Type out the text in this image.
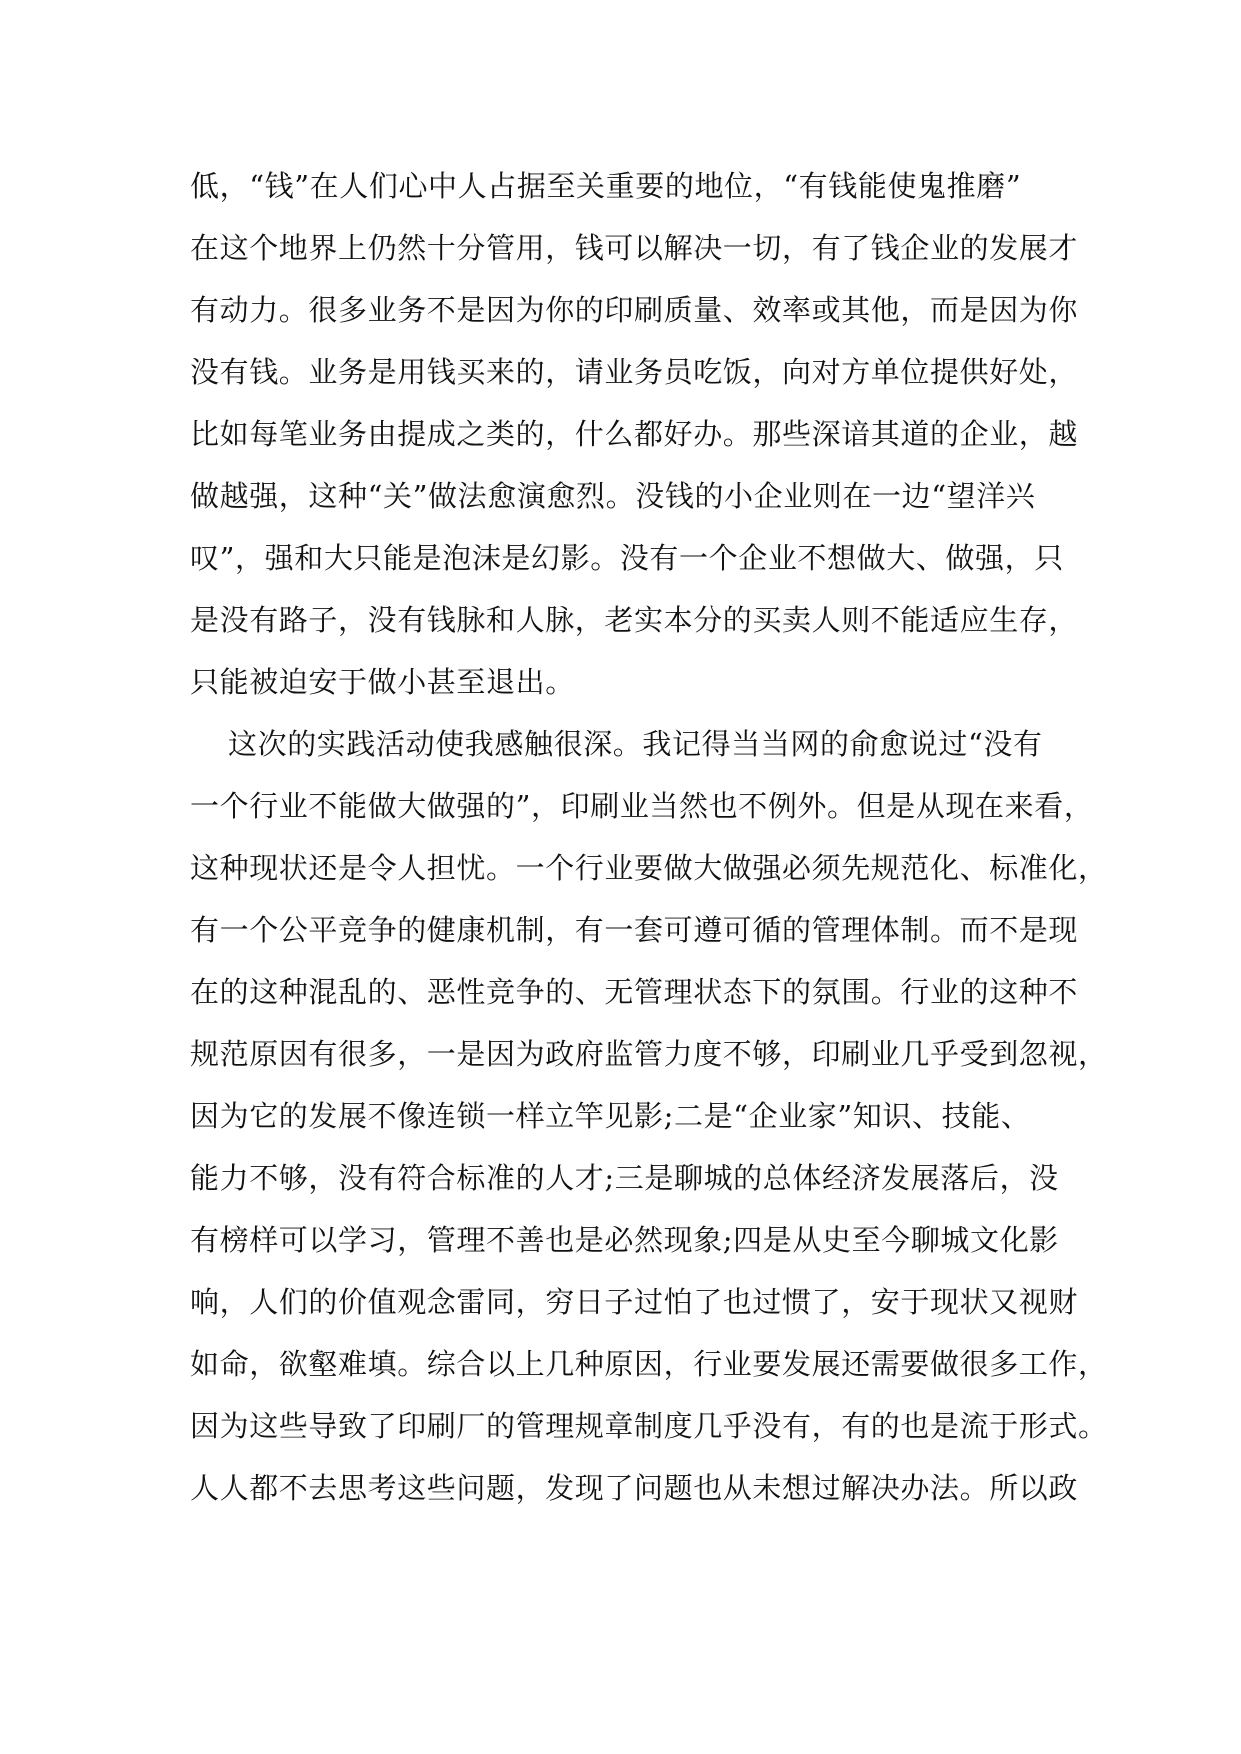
低，“钱”在人们心中人占据至关重要的地位，“有钱能使鬼推磨”
在这个地界上仍然十分管用，钱可以解决一切，有了钱企业的发展才
有动力。很多业务不是因为你的印刷质量、效率或其他，而是因为你
没有钱。业务是用钱买来的，请业务员吃饭，向对方单位提供好处，
比如每笔业务由提成之类的，什么都好办。那些深谙其道的企业，越
做越强，这种“关”做法愈演愈烈。没钱的小企业则在一边“望洋兴
叹”，强和大只能是泡沫是幻影。没有一个企业不想做大、做强，只
是没有路子，没有钱脉和人脉，老实本分的买卖人则不能适应生存，
只能被迫安于做小甚至退出。
这次的实践活动使我感触很深。我记得当当网的俞愈说过“没有
一个行业不能做大做强的”，印刷业当然也不例外。但是从现在来看，
这种现状还是令人担忧。一个行业要做大做强必须先规范化、标准化，
有一个公平竞争的健康机制，有一套可遵可循的管理体制。而不是现
在的这种混乱的、恶性竞争的、无管理状态下的氛围。行业的这种不
规范原因有很多，一是因为政府监管力度不够，印刷业几乎受到忽视，
因为它的发展不像连锁一样立竿见影;二是“企业家”知识、技能、
能力不够，没有符合标准的人才;三是聊城的总体经济发展落后，没
有榜样可以学习，管理不善也是必然现象;四是从史至今聊城文化影
响，人们的价值观念雷同，穷日子过怕了也过惯了，安于现状又视财
如命，欲壑难填。综合以上几种原因，行业要发展还需要做很多工作，
因为这些导致了印刷厂的管理规章制度几乎没有，有的也是流于形式。
人人都不去思考这些问题，发现了问题也从未想过解决办法。所以政
